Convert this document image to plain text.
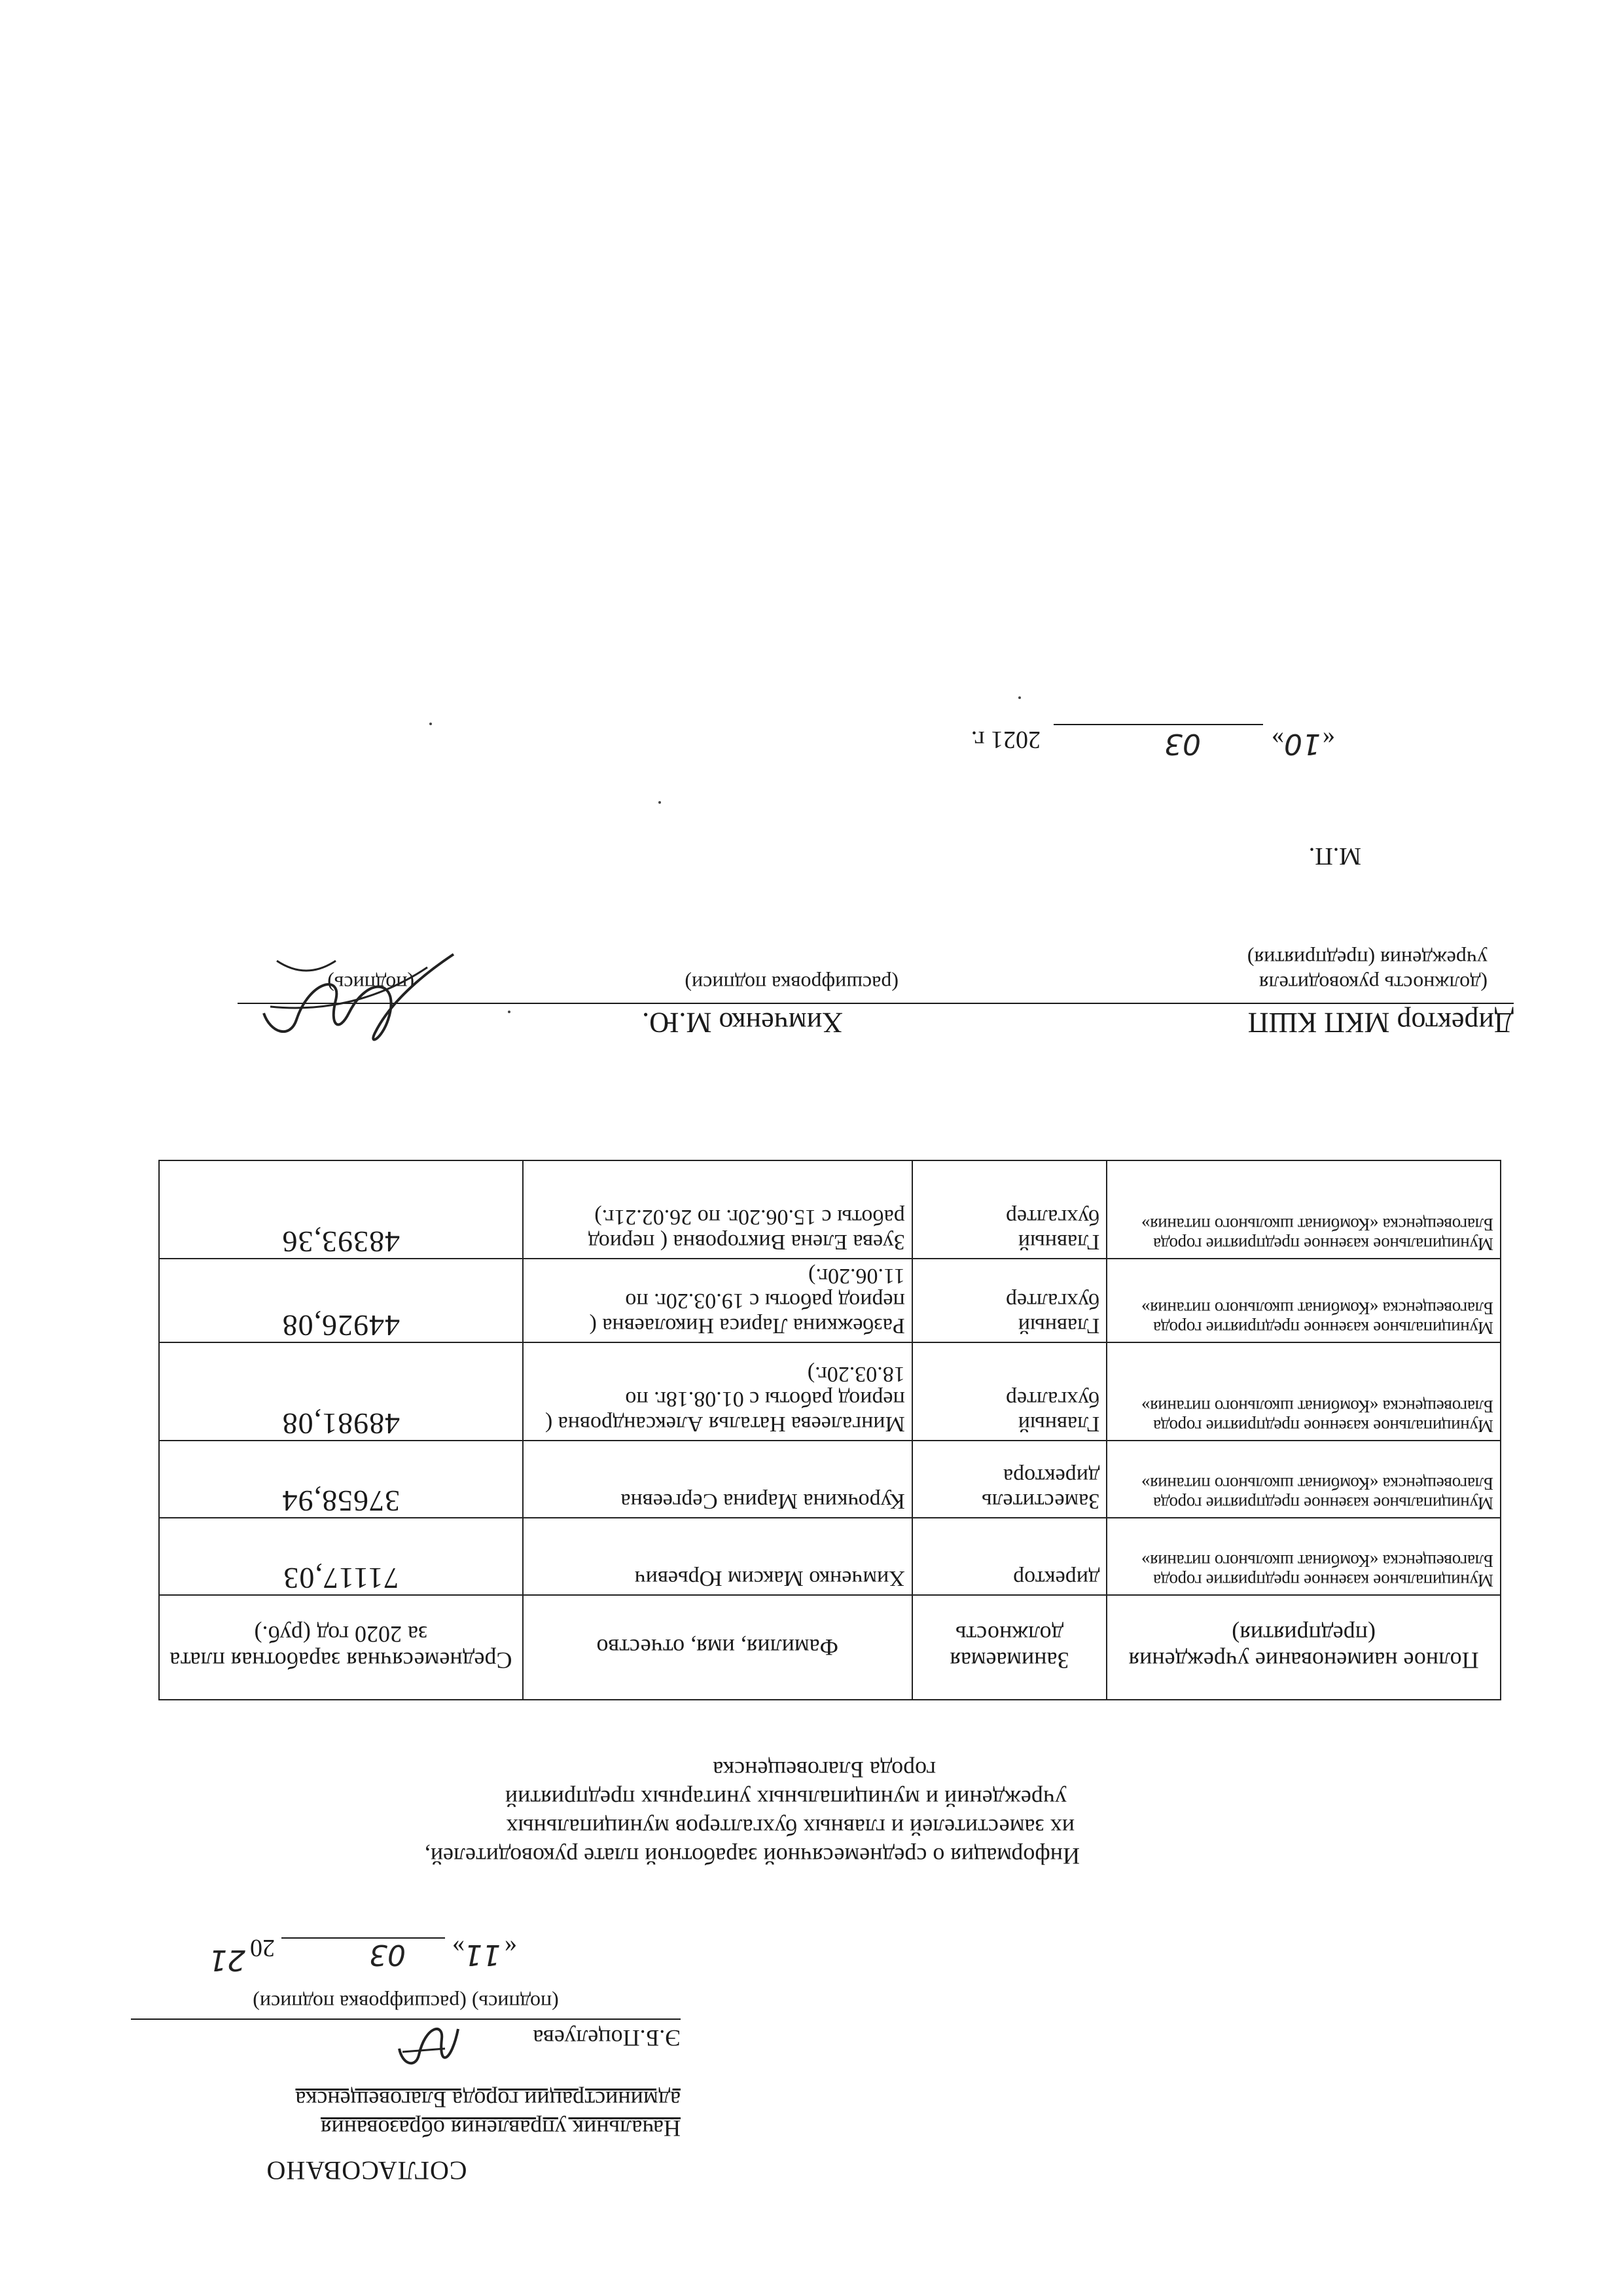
СОГЛАСОВАНО
Начальник управления образования
администрации города Благовещенска
Э.Б.Поцелуева
(подпись) (расшифровка подписи)
«
11
»
03
20
21
Информация о среднемесячной заработной плате руководителей,
их заместителей и главных бухгалтеров муниципальных
учреждений и муниципальных унитарных предприятий
города Благовещенска
Полное наименование учреждения (предприятия)	Занимаемая должность	Фамилия, имя, отчество	Среднемесячная заработная плата за 2020 год (руб.)
Муниципальное казенное предприятие города Благовещенска «Комбинат школьного питания»	директор	Химченко Максим Юрьевич	71117,03
Муниципальное казенное предприятие города Благовещенска «Комбинат школьного питания»	Заместитель директора	Курочкина Марина Сергеевна	37658,94
Муниципальное казенное предприятие города Благовещенска «Комбинат школьного питания»	Главный бухгалтер	Мингалеева Наталья Александровна ( период работы с 01.08.18г. по 18.03.20г.)	48981,08
Муниципальное казенное предприятие города Благовещенска «Комбинат школьного питания»	Главный бухгалтер	Разбежкина Лариса Николаевна ( период работы с 19.03.20г. по 11.06.20г.)	44926,08
Муниципальное казенное предприятие города Благовещенска «Комбинат школьного питания»	Главный бухгалтер	Зуева Елена Викторовна ( период работы с 15.06.20г. по 26.02.21г.)	48393,36
Директор МКП КШП
Химченко М.Ю.
(должность руководителя
учреждения (предприятия)
(расшифровка подписи)
(подпись)
М.П.
«
10
»
03
2021 г.
